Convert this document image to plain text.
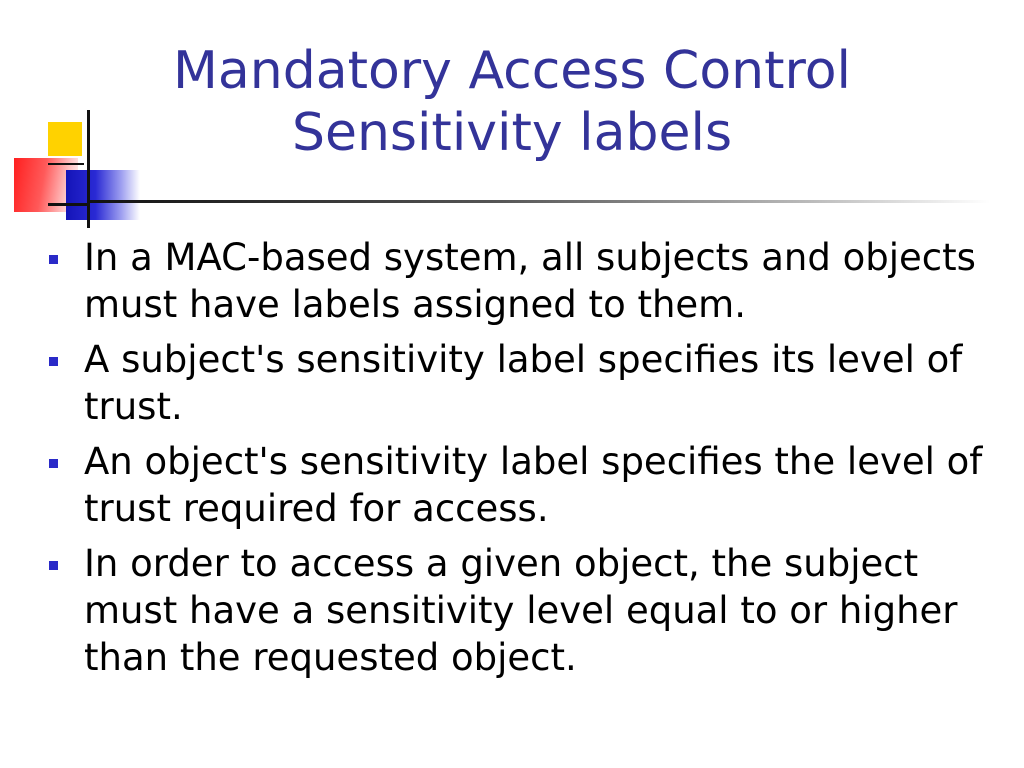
Mandatory Access Control
Sensitivity labels
In a MAC-based system, all subjects and objects must have labels assigned to them.
A subject's sensitivity label specifies its level of trust.
An object's sensitivity label specifies the level of trust required for access.
In order to access a given object, the subject must have a sensitivity level equal to or higher than the requested object.
